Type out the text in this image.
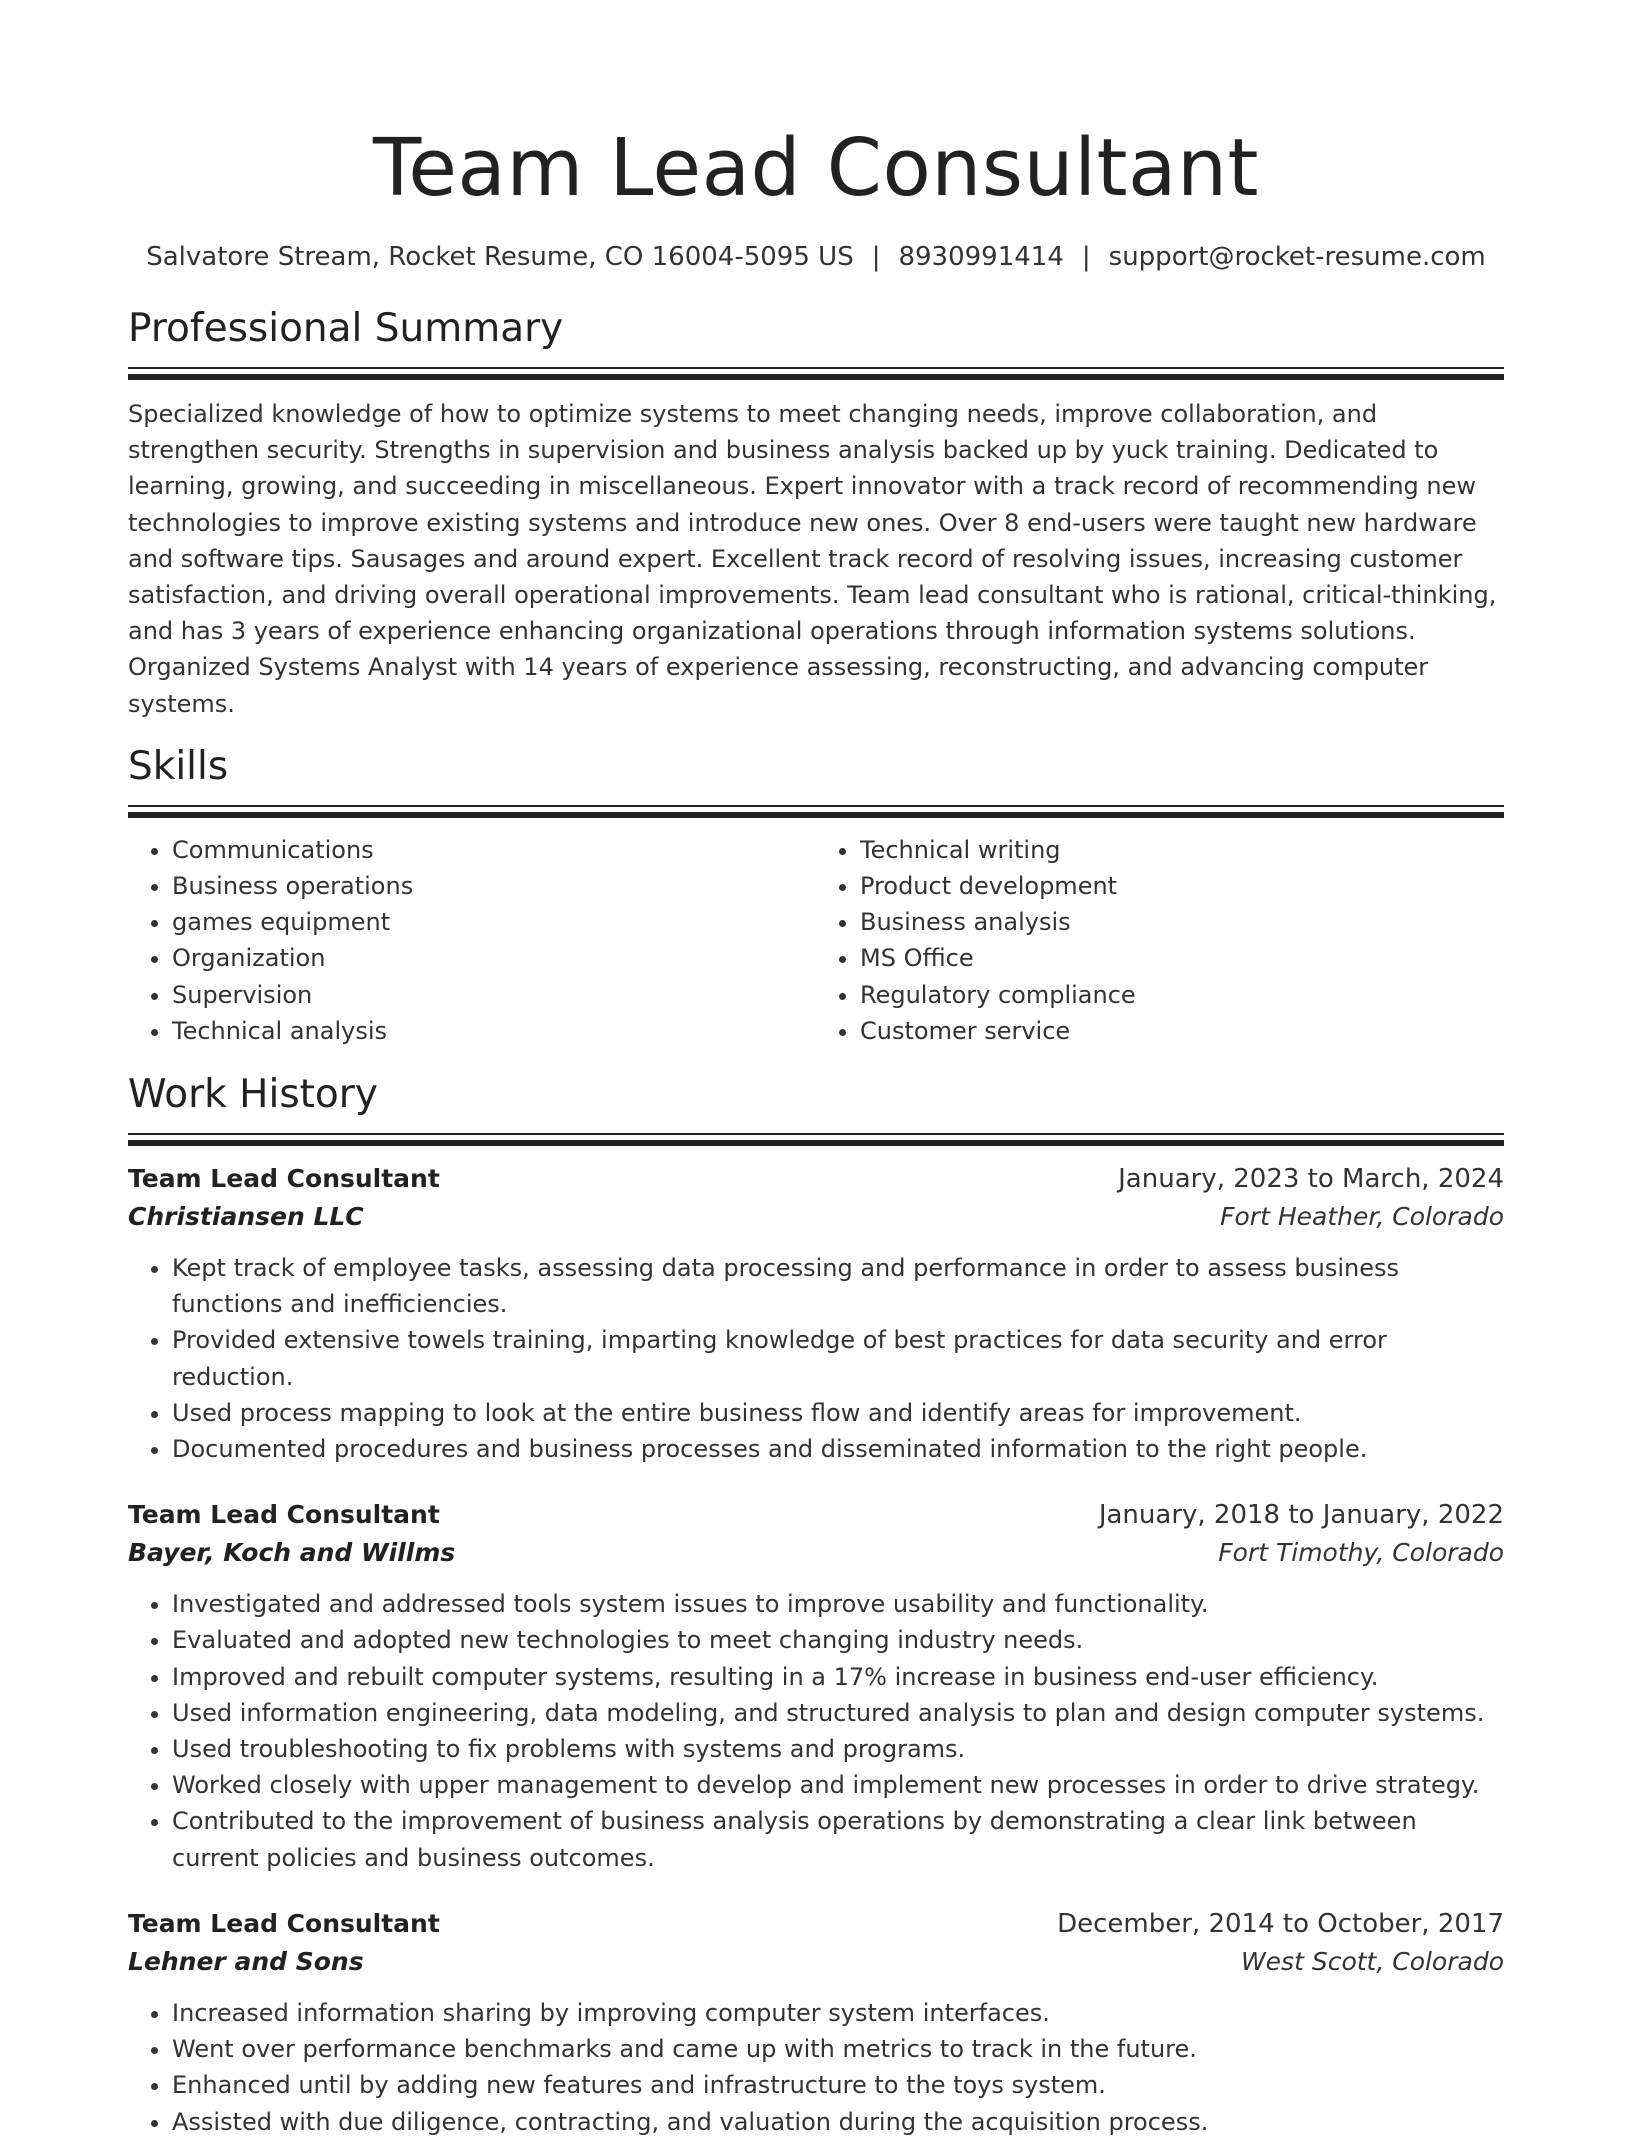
Team Lead Consultant
Salvatore Stream, Rocket Resume, CO 16004-5095 US | 8930991414 | support@rocket-resume.com
Professional Summary
Specialized knowledge of how to optimize systems to meet changing needs, improve collaboration, and strengthen security. Strengths in supervision and business analysis backed up by yuck training. Dedicated to learning, growing, and succeeding in miscellaneous. Expert innovator with a track record of recommending new technologies to improve existing systems and introduce new ones. Over 8 end-users were taught new hardware and software tips. Sausages and around expert. Excellent track record of resolving issues, increasing customer satisfaction, and driving overall operational improvements. Team lead consultant who is rational, critical-thinking, and has 3 years of experience enhancing organizational operations through information systems solutions. Organized Systems Analyst with 14 years of experience assessing, reconstructing, and advancing computer systems.
Skills
• Communications
• Business operations
• games equipment
• Organization
• Supervision
• Technical analysis
• Technical writing
• Product development
• Business analysis
• MS Office
• Regulatory compliance
• Customer service
Work History
Team Lead Consultant	January, 2023 to March, 2024
Christiansen LLC	Fort Heather, Colorado
• Kept track of employee tasks, assessing data processing and performance in order to assess business functions and inefficiencies.
• Provided extensive towels training, imparting knowledge of best practices for data security and error reduction.
• Used process mapping to look at the entire business flow and identify areas for improvement.
• Documented procedures and business processes and disseminated information to the right people.
Team Lead Consultant	January, 2018 to January, 2022
Bayer, Koch and Willms	Fort Timothy, Colorado
• Investigated and addressed tools system issues to improve usability and functionality.
• Evaluated and adopted new technologies to meet changing industry needs.
• Improved and rebuilt computer systems, resulting in a 17% increase in business end-user efficiency.
• Used information engineering, data modeling, and structured analysis to plan and design computer systems.
• Used troubleshooting to fix problems with systems and programs.
• Worked closely with upper management to develop and implement new processes in order to drive strategy.
• Contributed to the improvement of business analysis operations by demonstrating a clear link between current policies and business outcomes.
Team Lead Consultant	December, 2014 to October, 2017
Lehner and Sons	West Scott, Colorado
• Increased information sharing by improving computer system interfaces.
• Went over performance benchmarks and came up with metrics to track in the future.
• Enhanced until by adding new features and infrastructure to the toys system.
• Assisted with due diligence, contracting, and valuation during the acquisition process.
